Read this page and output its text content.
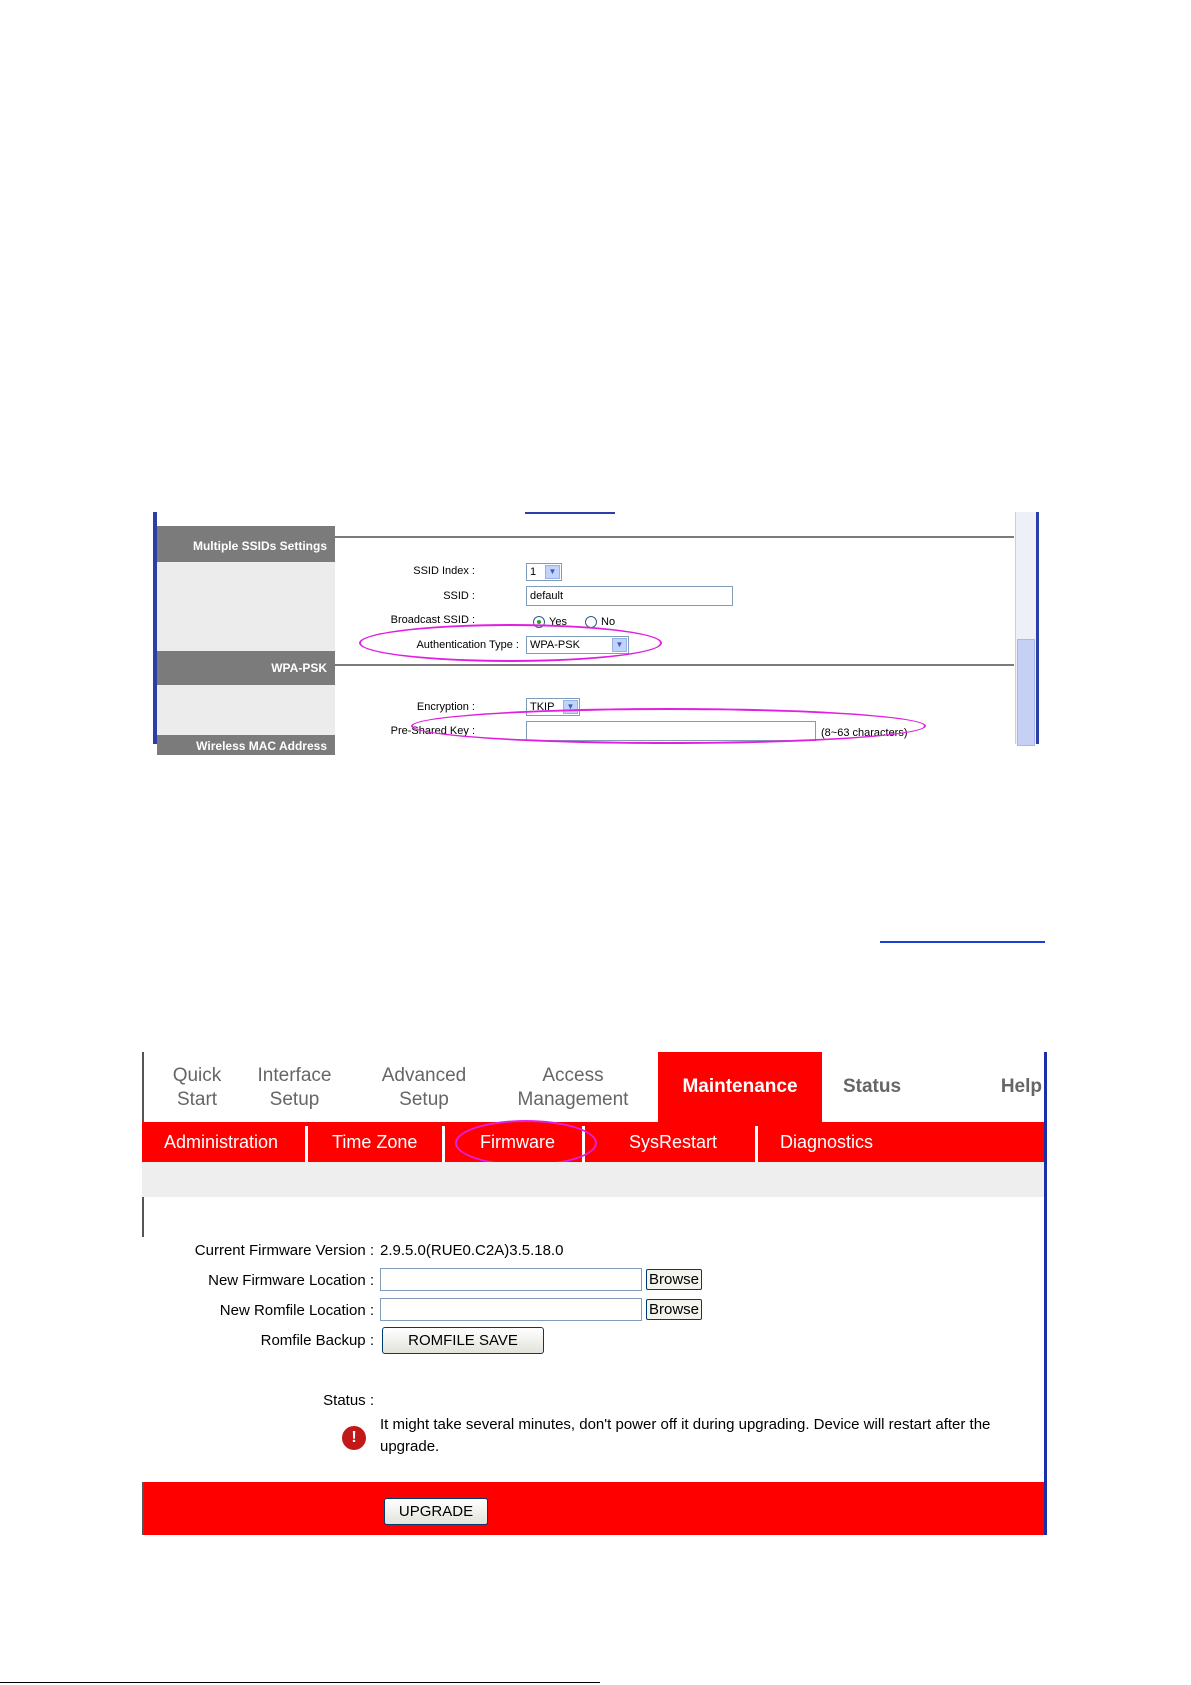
Multiple SSIDs Settings
SSID Index :	1	▼
SSID :	default
Broadcast SSID :	Yes	No
Authentication Type :	WPA-PSK	▼
WPA-PSK
Encryption :	TKIP	▼
Pre-Shared Key :	(8~63 characters)
Wireless MAC Address
Quick
Start
Interface
Setup
Advanced
Setup
Access
Management
Maintenance	Status	Help
Administration	Time Zone	Firmware	SysRestart	Diagnostics
Current Firmware Version : 2.9.5.0(RUE0.C2A)3.5.18.0
New Firmware Location :	Browse
New Romfile Location :	Browse
Romfile Backup :	ROMFILE SAVE
Status :
!
It might take several minutes, don't power off it during upgrading. Device will restart after the upgrade.
UPGRADE
